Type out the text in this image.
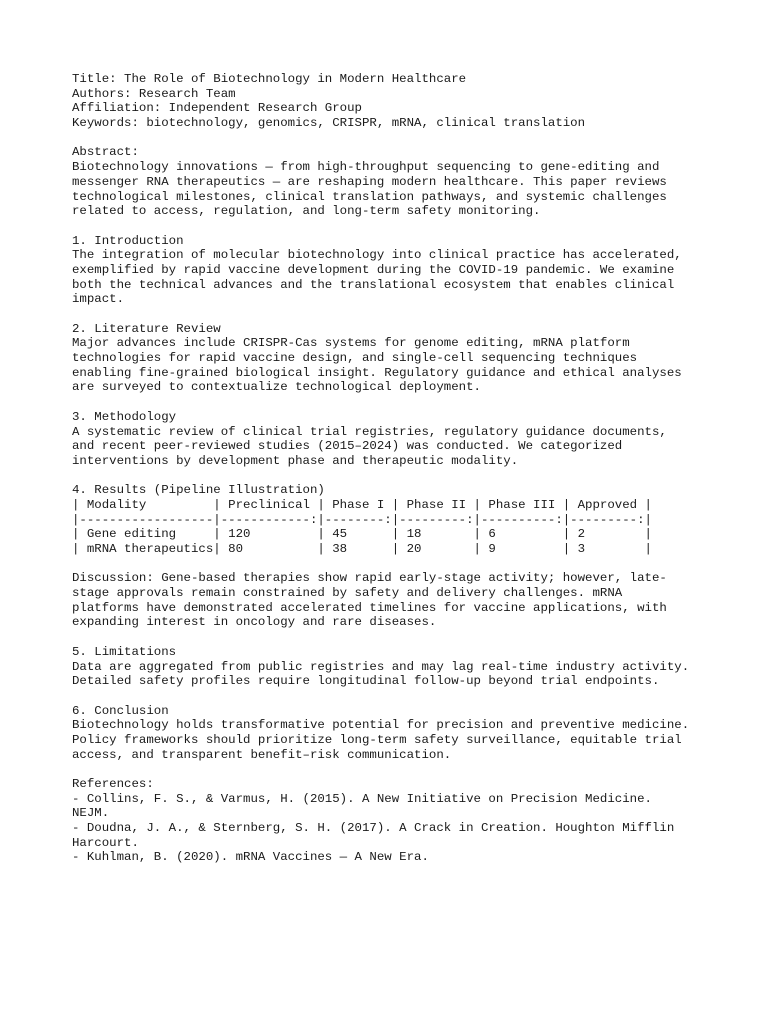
Title: The Role of Biotechnology in Modern Healthcare
Authors: Research Team
Affiliation: Independent Research Group
Keywords: biotechnology, genomics, CRISPR, mRNA, clinical translation
Abstract:
Biotechnology innovations — from high-throughput sequencing to gene-editing and
messenger RNA therapeutics — are reshaping modern healthcare. This paper reviews
technological milestones, clinical translation pathways, and systemic challenges
related to access, regulation, and long-term safety monitoring.
1. Introduction
The integration of molecular biotechnology into clinical practice has accelerated,
exemplified by rapid vaccine development during the COVID-19 pandemic. We examine
both the technical advances and the translational ecosystem that enables clinical
impact.
2. Literature Review
Major advances include CRISPR-Cas systems for genome editing, mRNA platform
technologies for rapid vaccine design, and single-cell sequencing techniques
enabling fine-grained biological insight. Regulatory guidance and ethical analyses
are surveyed to contextualize technological deployment.
3. Methodology
A systematic review of clinical trial registries, regulatory guidance documents,
and recent peer-reviewed studies (2015–2024) was conducted. We categorized
interventions by development phase and therapeutic modality.
4. Results (Pipeline Illustration)
| Modality         | Preclinical | Phase I | Phase II | Phase III | Approved |
|------------------|------------:|--------:|---------:|----------:|---------:|
| Gene editing     | 120         | 45      | 18       | 6         | 2        |
| mRNA therapeutics| 80          | 38      | 20       | 9         | 3        |
Discussion: Gene-based therapies show rapid early-stage activity; however, late-
stage approvals remain constrained by safety and delivery challenges. mRNA
platforms have demonstrated accelerated timelines for vaccine applications, with
expanding interest in oncology and rare diseases.
5. Limitations
Data are aggregated from public registries and may lag real-time industry activity.
Detailed safety profiles require longitudinal follow-up beyond trial endpoints.
6. Conclusion
Biotechnology holds transformative potential for precision and preventive medicine.
Policy frameworks should prioritize long-term safety surveillance, equitable trial
access, and transparent benefit–risk communication.
References:
- Collins, F. S., & Varmus, H. (2015). A New Initiative on Precision Medicine.
NEJM.
- Doudna, J. A., & Sternberg, S. H. (2017). A Crack in Creation. Houghton Mifflin
Harcourt.
- Kuhlman, B. (2020). mRNA Vaccines — A New Era.
